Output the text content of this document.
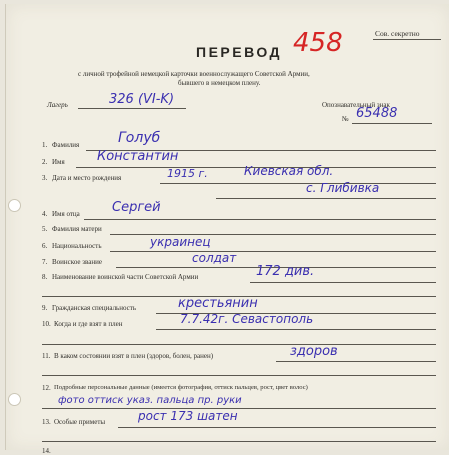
Сов. секретно
ПЕРЕВОД 458
с личной трофейной немецкой карточки военнослужащего Советской Армии,
бывшего в немецком плену.
Лагерь	326 (VI-K)	Опознавательный знак
№ 65488
1. Фамилия	Голуб
2. Имя Константин
3. Дата и место рождения	1915 г.	Киевская обл.
с. Глибивка
4. Имя отца Сергей
5. Фамилия матери
6. Национальность	украинец
7. Воинское звание	солдат
8. Наименование воинской части Советской Армии	172 див.
9. Гражданская специальность	крестьянин
10. Когда и где взят в плен	7.7.42г. Севастополь
11. В каком состоянии взят в плен (здоров, болен, ранен)	здоров
12. Подробные персональные данные (имеется фотография, оттиск пальцев, рост, цвет волос)
фото оттиск указ. пальца пр. руки
13. Особые приметы	рост 173 шатен
14.
